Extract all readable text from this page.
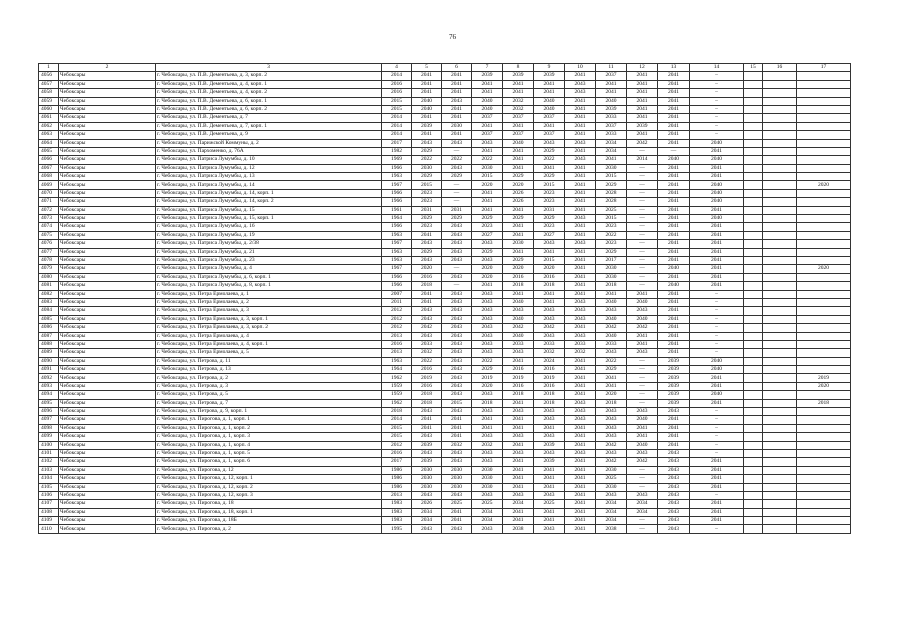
76
1	2	3	4	5	6	7	8	9	10	11	12	13	14	15	16	17
4056	Чебоксары	г. Чебоксары, ул. П.В. Дементьева, д. 3, корп. 2	2014	2041	2041	2039	2039	2039	2041	2037	2041	2041	–			
4057	Чебоксары	г. Чебоксары, ул. П.В. Дементьева, д. 4, корп. 1	2016	2041	2041	2041	2041	2041	2043	2041	2041	2041	–			
4058	Чебоксары	г. Чебоксары, ул. П.В. Дементьева, д. 4, корп. 2	2016	2041	2041	2041	2041	2041	2043	2041	2041	2041	–			
4059	Чебоксары	г. Чебоксары, ул. П.В. Дементьева, д. 6, корп. 1	2015	2040	2043	2040	2032	2040	2041	2040	2041	2041	–			
4060	Чебоксары	г. Чебоксары, ул. П.В. Дементьева, д. 6, корп. 2	2015	2040	2041	2040	2032	2040	2041	2039	2041	2041	–			
4061	Чебоксары	г. Чебоксары, ул. П.В. Дементьева, д. 7	2014	2041	2041	2037	2037	2037	2041	2033	2041	2041	–			
4062	Чебоксары	г. Чебоксары, ул. П.В. Дементьева, д. 7, корп. 1	2014	2039	2030	2041	2041	2041	2041	2037	2039	2041	–			
4063	Чебоксары	г. Чебоксары, ул. П.В. Дементьева, д. 9	2014	2041	2041	2037	2037	2037	2041	2033	2041	2041	–			
4064	Чебоксары	г. Чебоксары, ул. Парижской Коммуны, д. 2	2017	2043	2043	2043	2040	2043	2043	2034	2042	2041	2040			
4065	Чебоксары	г. Чебоксары, ул. Пархоменко, д. 76А	1982	2029	—	2041	2041	2029	2041	2034	—	—	2041			
4066	Чебоксары	г. Чебоксары, ул. Патриса Лумумбы, д. 10	1969	2022	2022	2022	2041	2022	2043	2041	2014	2040	2040			
4067	Чебоксары	г. Чебоксары, ул. Патриса Лумумбы, д. 12	1966	2030	2043	2030	2041	2041	2041	2030	—	2041	2041			
4068	Чебоксары	г. Чебоксары, ул. Патриса Лумумбы, д. 13	1963	2029	2029	2015	2029	2029	2041	2015	—	2041	2041			
4069	Чебоксары	г. Чебоксары, ул. Патриса Лумумбы, д. 14	1967	2015	—	2020	2020	2015	2041	2029	—	2041	2040			2020
4070	Чебоксары	г. Чебоксары, ул. Патриса Лумумбы, д. 14, корп. 1	1966	2023	—	2041	2026	2023	2041	2028	—	2041	2040			
4071	Чебоксары	г. Чебоксары, ул. Патриса Лумумбы, д. 14, корп. 2	1966	2023	—	2041	2026	2023	2041	2028	—	2041	2040			
4072	Чебоксары	г. Чебоксары, ул. Патриса Лумумбы, д. 15	1961	2031	2031	2041	2041	2031	2041	2025	—	2041	2041			
4073	Чебоксары	г. Чебоксары, ул. Патриса Лумумбы, д. 15, корп. 1	1964	2029	2029	2029	2029	2029	2043	2015	—	2041	2040			
4074	Чебоксары	г. Чебоксары, ул. Патриса Лумумбы, д. 16	1966	2023	2043	2023	2041	2023	2041	2023	—	2041	2041			
4075	Чебоксары	г. Чебоксары, ул. Патриса Лумумбы, д. 19	1963	2041	2043	2027	2041	2027	2041	2022	—	2041	2041			
4076	Чебоксары	г. Чебоксары, ул. Патриса Лумумбы, д. 2/38	1967	2043	2043	2043	2030	2043	2043	2023	—	2041	2041			
4077	Чебоксары	г. Чебоксары, ул. Патриса Лумумбы, д. 21	1963	2029	2043	2029	2041	2041	2041	2029	—	2041	2041			
4078	Чебоксары	г. Чебоксары, ул. Патриса Лумумбы, д. 23	1963	2043	2043	2043	2029	2015	2041	2017	—	2041	2041			
4079	Чебоксары	г. Чебоксары, ул. Патриса Лумумбы, д. 4	1967	2020	—	2020	2020	2020	2041	2030	—	2040	2041			2020
4080	Чебоксары	г. Чебоксары, ул. Патриса Лумумбы, д. 6, корп. 1	1966	2016	2043	2020	2016	2016	2041	2030	—	2041	2041			
4081	Чебоксары	г. Чебоксары, ул. Патриса Лумумбы, д. 8, корп. 1	1966	2018	—	2041	2018	2018	2041	2018	—	2040	2041			
4082	Чебоксары	г. Чебоксары, ул. Петра Ермолаева, д. 1	2007	2041	2043	2043	2041	2041	2041	2041	2041	2041	–			
4083	Чебоксары	г. Чебоксары, ул. Петра Ермолаева, д. 2	2011	2041	2043	2043	2040	2041	2043	2040	2040	2041	–			
4084	Чебоксары	г. Чебоксары, ул. Петра Ермолаева, д. 3	2012	2043	2043	2043	2043	2043	2043	2043	2043	2041	–			
4085	Чебоксары	г. Чебоксары, ул. Петра Ермолаева, д. 3, корп. 1	2012	2043	2043	2043	2040	2043	2043	2040	2040	2041	–			
4086	Чебоксары	г. Чебоксары, ул. Петра Ермолаева, д. 3, корп. 2	2012	2042	2043	2043	2042	2042	2041	2042	2042	2041	–			
4087	Чебоксары	г. Чебоксары, ул. Петра Ермолаева, д. 4	2013	2043	2043	2043	2040	2043	2043	2040	2041	2041	–			
4088	Чебоксары	г. Чебоксары, ул. Петра Ермолаева, д. 4, корп. 1	2016	2033	2043	2043	2033	2033	2033	2033	2041	2041	–			
4089	Чебоксары	г. Чебоксары, ул. Петра Ермолаева, д. 5	2013	2032	2043	2043	2043	2032	2032	2043	2043	2041	–			
4090	Чебоксары	г. Чебоксары, ул. Петрова, д. 11	1963	2022	2043	2022	2041	2024	2041	2022	—	2039	2040			
4091	Чебоксары	г. Чебоксары, ул. Петрова, д. 13	1964	2016	2043	2029	2016	2016	2041	2029	—	2039	2040			
4092	Чебоксары	г. Чебоксары, ул. Петрова, д. 2	1962	2019	2043	2019	2019	2019	2041	2041	—	2039	2041			2019
4093	Чебоксары	г. Чебоксары, ул. Петрова, д. 3	1959	2016	2043	2020	2016	2016	2041	2041	—	2039	2041			2020
4094	Чебоксары	г. Чебоксары, ул. Петрова, д. 5	1959	2018	2043	2043	2018	2018	2041	2020	—	2039	2040			
4095	Чебоксары	г. Чебоксары, ул. Петрова, д. 7	1962	2018	2015	2018	2041	2018	2043	2018	—	2039	2041			2018
4096	Чебоксары	г. Чебоксары, ул. Петрова, д. 9, корп. 1	2018	2043	2043	2043	2043	2043	2043	2043	2043	2043	–			
4097	Чебоксары	г. Чебоксары, ул. Пирогова, д. 1, корп. 1	2014	2041	2041	2041	2041	2043	2043	2043	2040	2041	–			
4098	Чебоксары	г. Чебоксары, ул. Пирогова, д. 1, корп. 2	2015	2041	2041	2041	2041	2041	2041	2043	2041	2041	–			
4099	Чебоксары	г. Чебоксары, ул. Пирогова, д. 1, корп. 3	2015	2043	2041	2043	2043	2043	2041	2043	2041	2041	–			
4100	Чебоксары	г. Чебоксары, ул. Пирогова, д. 1, корп. 4	2012	2039	2032	2032	2041	2039	2041	2042	2040	2041	–			
4101	Чебоксары	г. Чебоксары, ул. Пирогова, д. 1, корп. 5	2016	2043	2043	2043	2043	2043	2043	2043	2043	2043	–			
4102	Чебоксары	г. Чебоксары, ул. Пирогова, д. 1, корп. 6	2017	2039	2043	2043	2041	2039	2041	2042	2042	2043	2041			
4103	Чебоксары	г. Чебоксары, ул. Пирогова, д. 12	1986	2030	2030	2030	2041	2041	2041	2030	—	2043	2041			
4104	Чебоксары	г. Чебоксары, ул. Пирогова, д. 12, корп. 1	1986	2030	2030	2030	2041	2041	2041	2025	—	2043	2041			
4105	Чебоксары	г. Чебоксары, ул. Пирогова, д. 12, корп. 2	1986	2030	2030	2030	2041	2041	2041	2030	—	2043	2041			
4106	Чебоксары	г. Чебоксары, ул. Пирогова, д. 12, корп. 3	2013	2043	2043	2043	2043	2043	2041	2043	2043	2043	–			
4107	Чебоксары	г. Чебоксары, ул. Пирогова, д. 18	1983	2026	2025	2025	2034	2025	2041	2034	2034	2043	2041			
4108	Чебоксары	г. Чебоксары, ул. Пирогова, д. 18, корп. 1	1983	2034	2041	2034	2041	2041	2041	2034	2034	2043	2041			
4109	Чебоксары	г. Чебоксары, ул. Пирогова, д. 18Б	1983	2034	2041	2034	2041	2041	2041	2034	—	2043	2041			
4110	Чебоксары	г. Чебоксары, ул. Пирогова, д. 2	1995	2043	2043	2043	2038	2043	2041	2038	—	2043	–			
